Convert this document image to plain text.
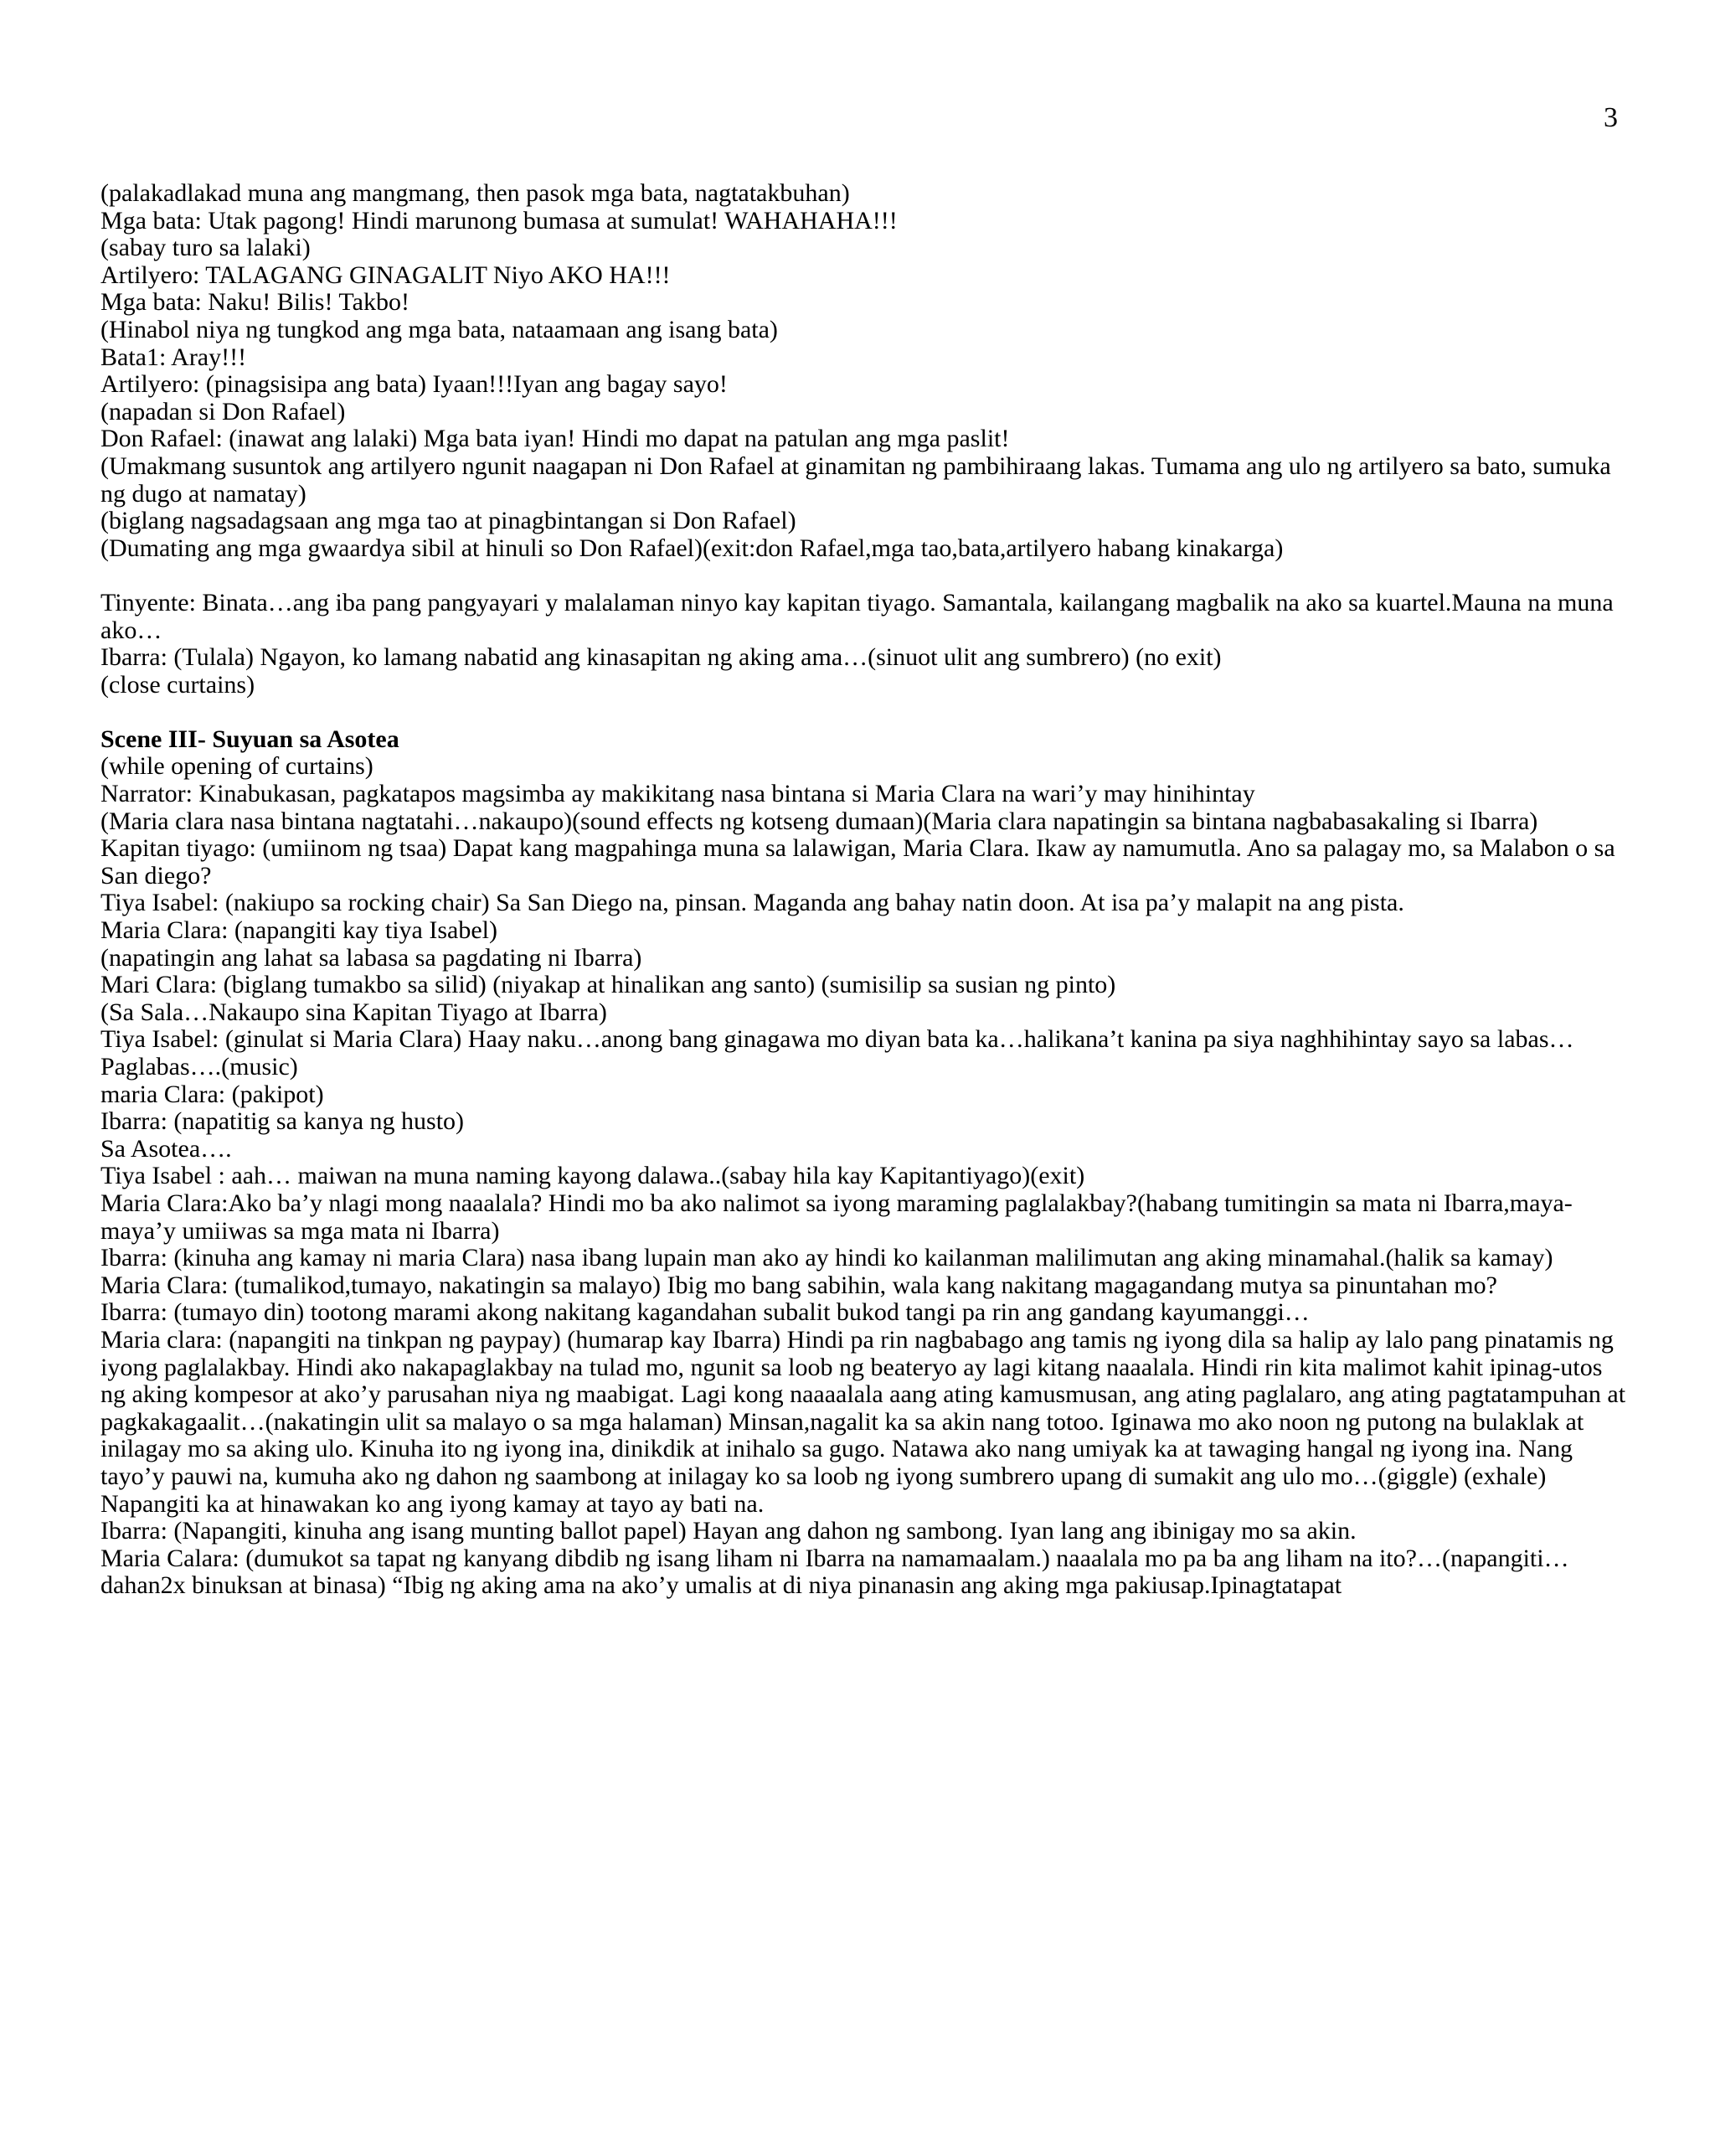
3

(palakadlakad muna ang mangmang, then pasok mga bata, nagtatakbuhan)

Mga bata: Utak pagong! Hindi marunong bumasa at sumulat! WAHAHAHA!!!

(sabay turo sa lalaki)

Artilyero: TALAGANG GINAGALIT Niyo AKO HA!!!

Mga bata: Naku! Bilis! Takbo!

(Hinabol niya ng tungkod ang mga bata, nataamaan ang isang bata)

Bata1: Aray!!!

Artilyero: (pinagsisipa ang bata) Iyaan!!!Iyan ang bagay sayo!

(napadan si Don Rafael)

Don Rafael: (inawat ang lalaki) Mga bata iyan! Hindi mo dapat na patulan ang mga paslit!

(Umakmang susuntok ang artilyero ngunit naagapan ni Don Rafael at ginamitan ng pambihiraang lakas. Tumama ang ulo ng artilyero sa bato, sumuka ng dugo at namatay)

(biglang nagsadagsaan ang mga tao at pinagbintangan si Don Rafael)

(Dumating ang mga gwaardya sibil at hinuli so Don Rafael)(exit:don Rafael,mga tao,bata,artilyero habang kinakarga)

Tinyente: Binata…ang iba pang pangyayari y malalaman ninyo kay kapitan tiyago. Samantala, kailangang magbalik na ako sa kuartel.Mauna na muna ako…

Ibarra: (Tulala) Ngayon, ko lamang nabatid ang kinasapitan ng aking ama…(sinuot ulit ang sumbrero) (no exit)

(close curtains)

Scene III- Suyuan sa Asotea

(while opening of curtains)

Narrator: Kinabukasan, pagkatapos magsimba ay makikitang nasa bintana si Maria Clara na wari’y may hinihintay

(Maria clara nasa bintana nagtatahi…nakaupo)(sound effects ng kotseng dumaan)(Maria clara napatingin sa bintana nagbabasakaling si Ibarra)

Kapitan tiyago: (umiinom ng tsaa) Dapat kang magpahinga muna sa lalawigan, Maria Clara. Ikaw ay namumutla. Ano sa palagay mo, sa Malabon o sa San diego?

Tiya Isabel: (nakiupo sa rocking chair) Sa San Diego na, pinsan. Maganda ang bahay natin doon. At isa pa’y malapit na ang pista.

Maria Clara: (napangiti kay tiya Isabel)

(napatingin ang lahat sa labasa sa pagdating ni Ibarra)

Mari Clara: (biglang tumakbo sa silid) (niyakap at hinalikan ang santo) (sumisilip sa susian ng pinto)

(Sa Sala…Nakaupo sina Kapitan Tiyago at Ibarra)

Tiya Isabel: (ginulat si Maria Clara) Haay naku…anong bang ginagawa mo diyan bata ka…halikana’t kanina pa siya naghhihintay sayo sa labas…

Paglabas….(music)

maria Clara: (pakipot)

Ibarra: (napatitig sa kanya ng husto)

Sa Asotea….

Tiya Isabel : aah… maiwan na muna naming kayong dalawa..(sabay hila kay Kapitantiyago)(exit)

Maria Clara:Ako ba’y nlagi mong naaalala? Hindi mo ba ako nalimot sa iyong maraming paglalakbay?(habang tumitingin sa mata ni Ibarra,maya-maya’y umiiwas sa mga mata ni Ibarra)

Ibarra: (kinuha ang kamay ni maria Clara) nasa ibang lupain man ako ay hindi ko kailanman malilimutan ang aking minamahal.(halik sa kamay)

Maria Clara: (tumalikod,tumayo, nakatingin sa malayo) Ibig mo bang sabihin, wala kang nakitang magagandang mutya sa pinuntahan mo?

Ibarra: (tumayo din) tootong marami akong nakitang kagandahan subalit bukod tangi pa rin ang gandang kayumanggi…

Maria clara: (napangiti na tinkpan ng paypay) (humarap kay Ibarra) Hindi pa rin nagbabago ang tamis ng iyong dila sa halip ay lalo pang pinatamis ng iyong paglalakbay. Hindi ako nakapaglakbay na tulad mo, ngunit sa loob ng beateryo ay lagi kitang naaalala. Hindi rin kita malimot kahit ipinag-utos ng aking kompesor at ako’y parusahan niya ng maabigat. Lagi kong naaaalala aang ating kamusmusan, ang ating paglalaro, ang ating pagtatampuhan at pagkakagaalit…(nakatingin ulit sa malayo o sa mga halaman) Minsan,nagalit ka sa akin nang totoo. Iginawa mo ako noon ng putong na bulaklak at inilagay mo sa aking ulo. Kinuha ito ng iyong ina, dinikdik at inihalo sa gugo. Natawa ako nang umiyak ka at tawaging hangal ng iyong ina. Nang tayo’y pauwi na, kumuha ako ng dahon ng saambong at inilagay ko sa loob ng iyong sumbrero upang di sumakit ang ulo mo…(giggle) (exhale) Napangiti ka at hinawakan ko ang iyong kamay at tayo ay bati na.

Ibarra: (Napangiti, kinuha ang isang munting ballot papel) Hayan ang dahon ng sambong. Iyan lang ang ibinigay mo sa akin.

Maria Calara: (dumukot sa tapat ng kanyang dibdib ng isang liham ni Ibarra na namamaalam.) naaalala mo pa ba ang liham na ito?…(napangiti…dahan2x binuksan at binasa) “Ibig ng aking ama na ako’y umalis at di niya pinanasin ang aking mga pakiusap.Ipinagtatapat
